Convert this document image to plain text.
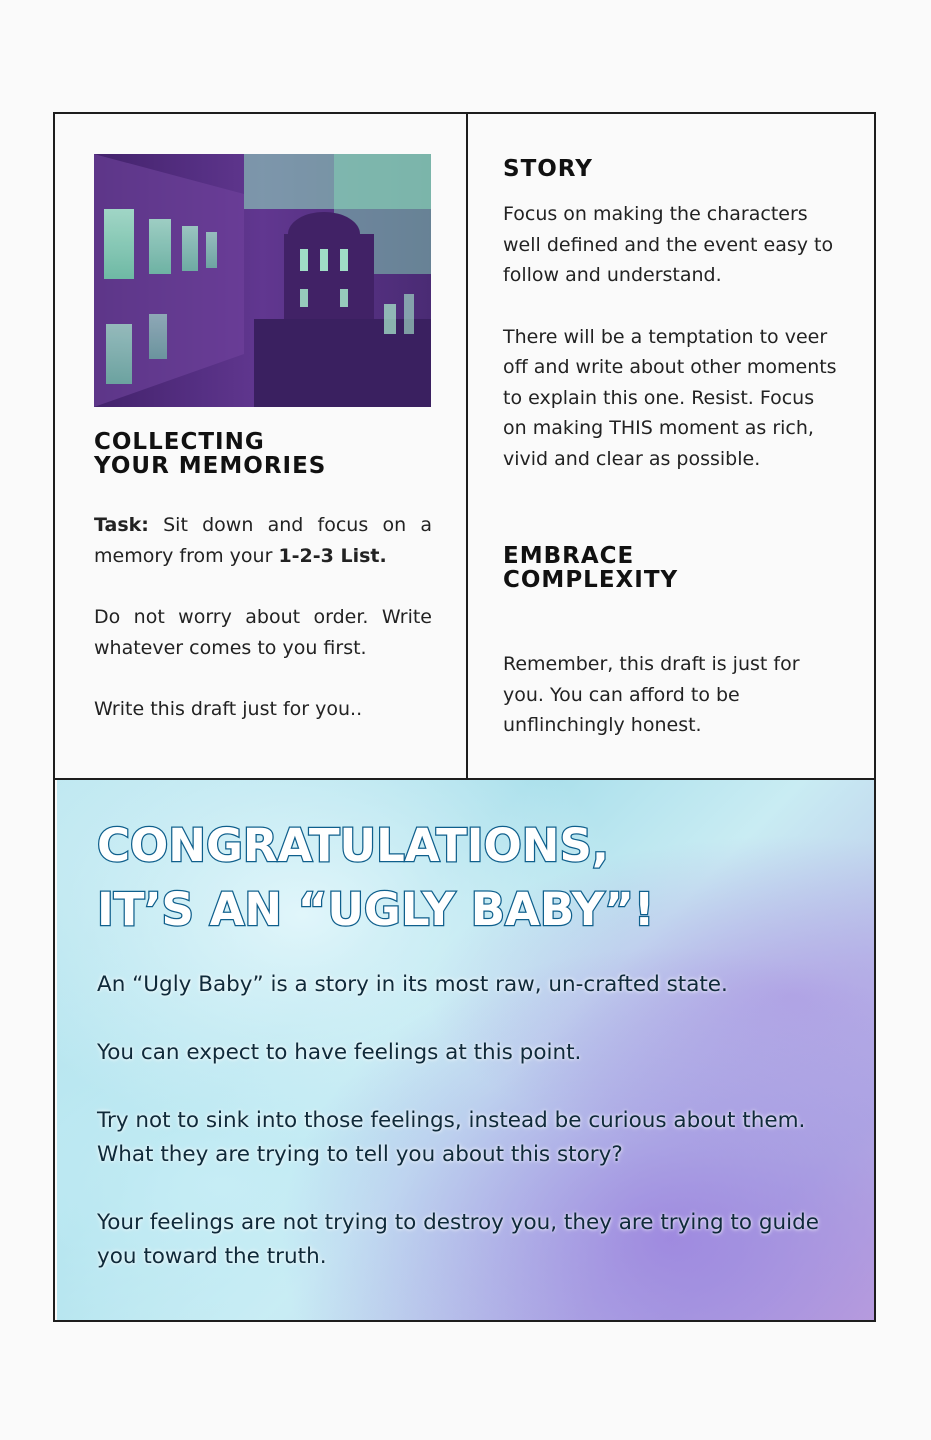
COLLECTING
YOUR MEMORIES

Task: Sit down and focus on a memory from your 1-2-3 List.

Do not worry about order. Write whatever comes to you first.

Write this draft just for you..

STORY

Focus on making the characters well defined and the event easy to follow and understand.

There will be a temptation to veer off and write about other moments to explain this one. Resist. Focus on making THIS moment as rich, vivid and clear as possible.

EMBRACE
COMPLEXITY

Remember, this draft is just for you. You can afford to be unflinchingly honest.

CONGRATULATIONS,
IT’S AN “UGLY BABY”!

An “Ugly Baby” is a story in its most raw, un-crafted state.

You can expect to have feelings at this point.

Try not to sink into those feelings, instead be curious about them. What they are trying to tell you about this story?

Your feelings are not trying to destroy you, they are trying to guide you toward the truth.
